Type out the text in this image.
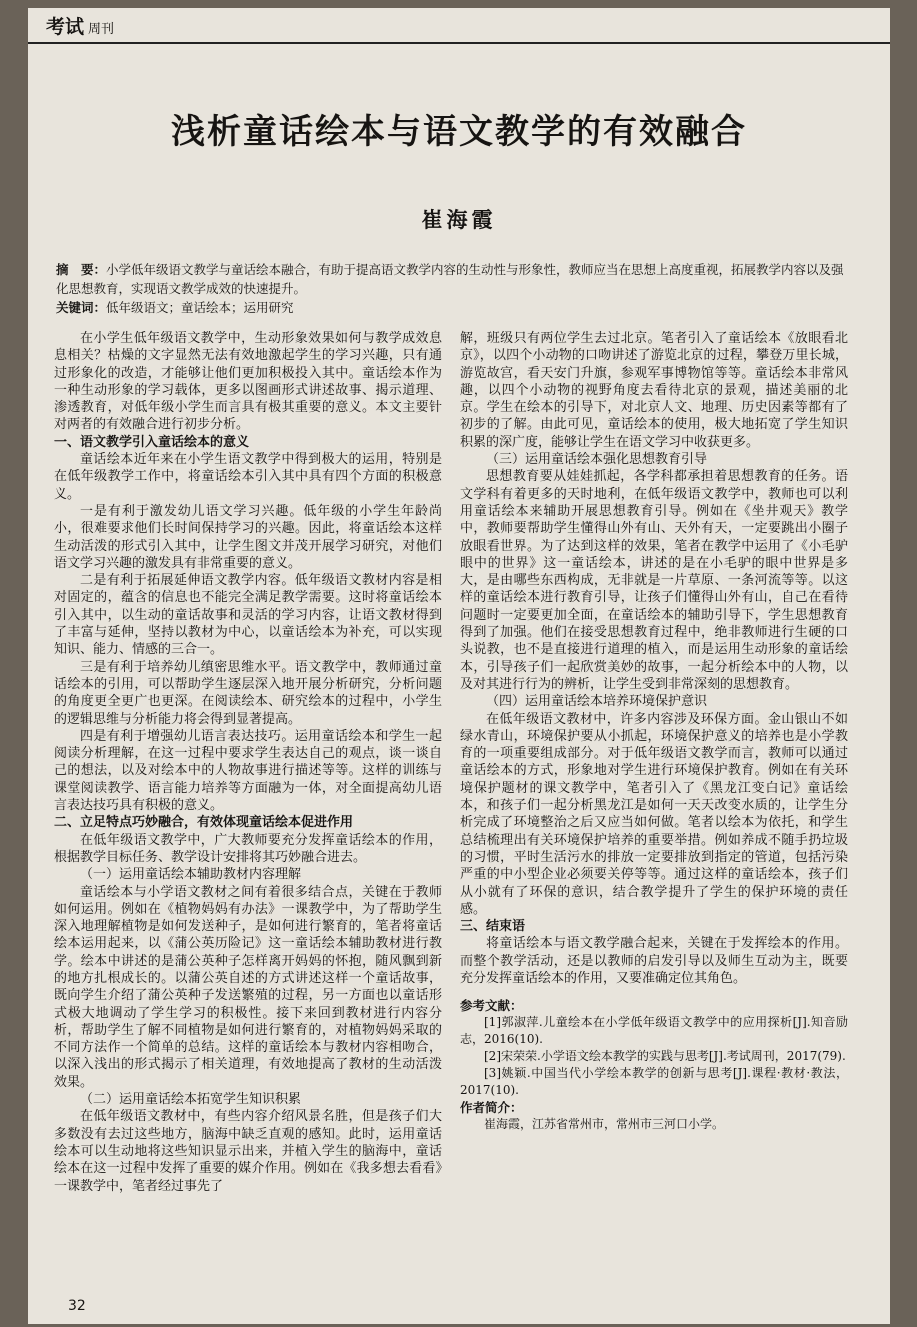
考试 周刊
浅析童话绘本与语文教学的有效融合
崔海霞
摘　要：小学低年级语文教学与童话绘本融合，有助于提高语文教学内容的生动性与形象性，教师应当在思想上高度重视，拓展教学内容以及强化思想教育，实现语文教学成效的快速提升。
关键词：低年级语文；童话绘本；运用研究

在小学生低年级语文教学中，生动形象效果如何与教学成效息息相关？枯燥的文字显然无法有效地激起学生的学习兴趣，只有通过形象化的改造，才能够让他们更加积极投入其中。童话绘本作为一种生动形象的学习载体，更多以图画形式讲述故事、揭示道理、渗透教育，对低年级小学生而言具有极其重要的意义。本文主要针对两者的有效融合进行初步分析。

一、语文教学引入童话绘本的意义

童话绘本近年来在小学生语文教学中得到极大的运用，特别是在低年级教学工作中，将童话绘本引入其中具有四个方面的积极意义。

一是有利于激发幼儿语文学习兴趣。低年级的小学生年龄尚小，很难要求他们长时间保持学习的兴趣。因此，将童话绘本这样生动活泼的形式引入其中，让学生图文并茂开展学习研究，对他们语文学习兴趣的激发具有非常重要的意义。

二是有利于拓展延伸语文教学内容。低年级语文教材内容是相对固定的，蕴含的信息也不能完全满足教学需要。这时将童话绘本引入其中，以生动的童话故事和灵活的学习内容，让语文教材得到了丰富与延伸，坚持以教材为中心，以童话绘本为补充，可以实现知识、能力、情感的三合一。

三是有利于培养幼儿缜密思维水平。语文教学中，教师通过童话绘本的引用，可以帮助学生逐层深入地开展分析研究，分析问题的角度更全更广也更深。在阅读绘本、研究绘本的过程中，小学生的逻辑思维与分析能力将会得到显著提高。

四是有利于增强幼儿语言表达技巧。运用童话绘本和学生一起阅读分析理解，在这一过程中要求学生表达自己的观点，谈一谈自己的想法，以及对绘本中的人物故事进行描述等等。这样的训练与课堂阅读教学、语言能力培养等方面融为一体，对全面提高幼儿语言表达技巧具有积极的意义。

二、立足特点巧妙融合，有效体现童话绘本促进作用

在低年级语文教学中，广大教师要充分发挥童话绘本的作用，根据教学目标任务、教学设计安排将其巧妙融合进去。

（一）运用童话绘本辅助教材内容理解

童话绘本与小学语文教材之间有着很多结合点，关键在于教师如何运用。例如在《植物妈妈有办法》一课教学中，为了帮助学生深入地理解植物是如何发送种子，是如何进行繁育的，笔者将童话绘本运用起来，以《蒲公英历险记》这一童话绘本辅助教材进行教学。绘本中讲述的是蒲公英种子怎样离开妈妈的怀抱，随风飘到新的地方扎根成长的。以蒲公英自述的方式讲述这样一个童话故事，既向学生介绍了蒲公英种子发送繁殖的过程，另一方面也以童话形式极大地调动了学生学习的积极性。接下来回到教材进行内容分析，帮助学生了解不同植物是如何进行繁育的，对植物妈妈采取的不同方法作一个简单的总结。这样的童话绘本与教材内容相吻合，以深入浅出的形式揭示了相关道理，有效地提高了教材的生动活泼效果。

（二）运用童话绘本拓宽学生知识积累

在低年级语文教材中，有些内容介绍风景名胜，但是孩子们大多数没有去过这些地方，脑海中缺乏直观的感知。此时，运用童话绘本可以生动地将这些知识显示出来，并植入学生的脑海中，童话绘本在这一过程中发挥了重要的媒介作用。例如在《我多想去看看》一课教学中，笔者经过事先了

解，班级只有两位学生去过北京。笔者引入了童话绘本《放眼看北京》，以四个小动物的口吻讲述了游览北京的过程，攀登万里长城，游览故宫，看天安门升旗，参观军事博物馆等等。童话绘本非常风趣，以四个小动物的视野角度去看待北京的景观，描述美丽的北京。学生在绘本的引导下，对北京人文、地理、历史因素等都有了初步的了解。由此可见，童话绘本的使用，极大地拓宽了学生知识积累的深广度，能够让学生在语文学习中收获更多。

（三）运用童话绘本强化思想教育引导

思想教育要从娃娃抓起，各学科都承担着思想教育的任务。语文学科有着更多的天时地利，在低年级语文教学中，教师也可以利用童话绘本来辅助开展思想教育引导。例如在《坐井观天》教学中，教师要帮助学生懂得山外有山、天外有天，一定要跳出小圈子放眼看世界。为了达到这样的效果，笔者在教学中运用了《小毛驴眼中的世界》这一童话绘本，讲述的是在小毛驴的眼中世界是多大，是由哪些东西构成，无非就是一片草原、一条河流等等。以这样的童话绘本进行教育引导，让孩子们懂得山外有山，自己在看待问题时一定要更加全面，在童话绘本的辅助引导下，学生思想教育得到了加强。他们在接受思想教育过程中，绝非教师进行生硬的口头说教，也不是直接进行道理的植入，而是运用生动形象的童话绘本，引导孩子们一起欣赏美妙的故事，一起分析绘本中的人物，以及对其进行行为的辨析，让学生受到非常深刻的思想教育。

（四）运用童话绘本培养环境保护意识

在低年级语文教材中，许多内容涉及环保方面。金山银山不如绿水青山，环境保护要从小抓起，环境保护意义的培养也是小学教育的一项重要组成部分。对于低年级语文教学而言，教师可以通过童话绘本的方式，形象地对学生进行环境保护教育。例如在有关环境保护题材的课文教学中，笔者引入了《黑龙江变白记》童话绘本，和孩子们一起分析黑龙江是如何一天天改变水质的，让学生分析完成了环境整治之后又应当如何做。笔者以绘本为依托，和学生总结梳理出有关环境保护培养的重要举措。例如养成不随手扔垃圾的习惯，平时生活污水的排放一定要排放到指定的管道，包括污染严重的中小型企业必须要关停等等。通过这样的童话绘本，孩子们从小就有了环保的意识，结合教学提升了学生的保护环境的责任感。

三、结束语

将童话绘本与语文教学融合起来，关键在于发挥绘本的作用。而整个教学活动，还是以教师的启发引导以及师生互动为主，既要充分发挥童话绘本的作用，又要准确定位其角色。

参考文献：

[1]郭淑萍.儿童绘本在小学低年级语文教学中的应用探析[J].知音励志，2016(10).

[2]宋荣荣.小学语文绘本教学的实践与思考[J].考试周刊，2017(79).

[3]姚颖.中国当代小学绘本教学的创新与思考[J].课程·教材·教法，2017(10).

作者简介：

崔海霞，江苏省常州市，常州市三河口小学。

32
